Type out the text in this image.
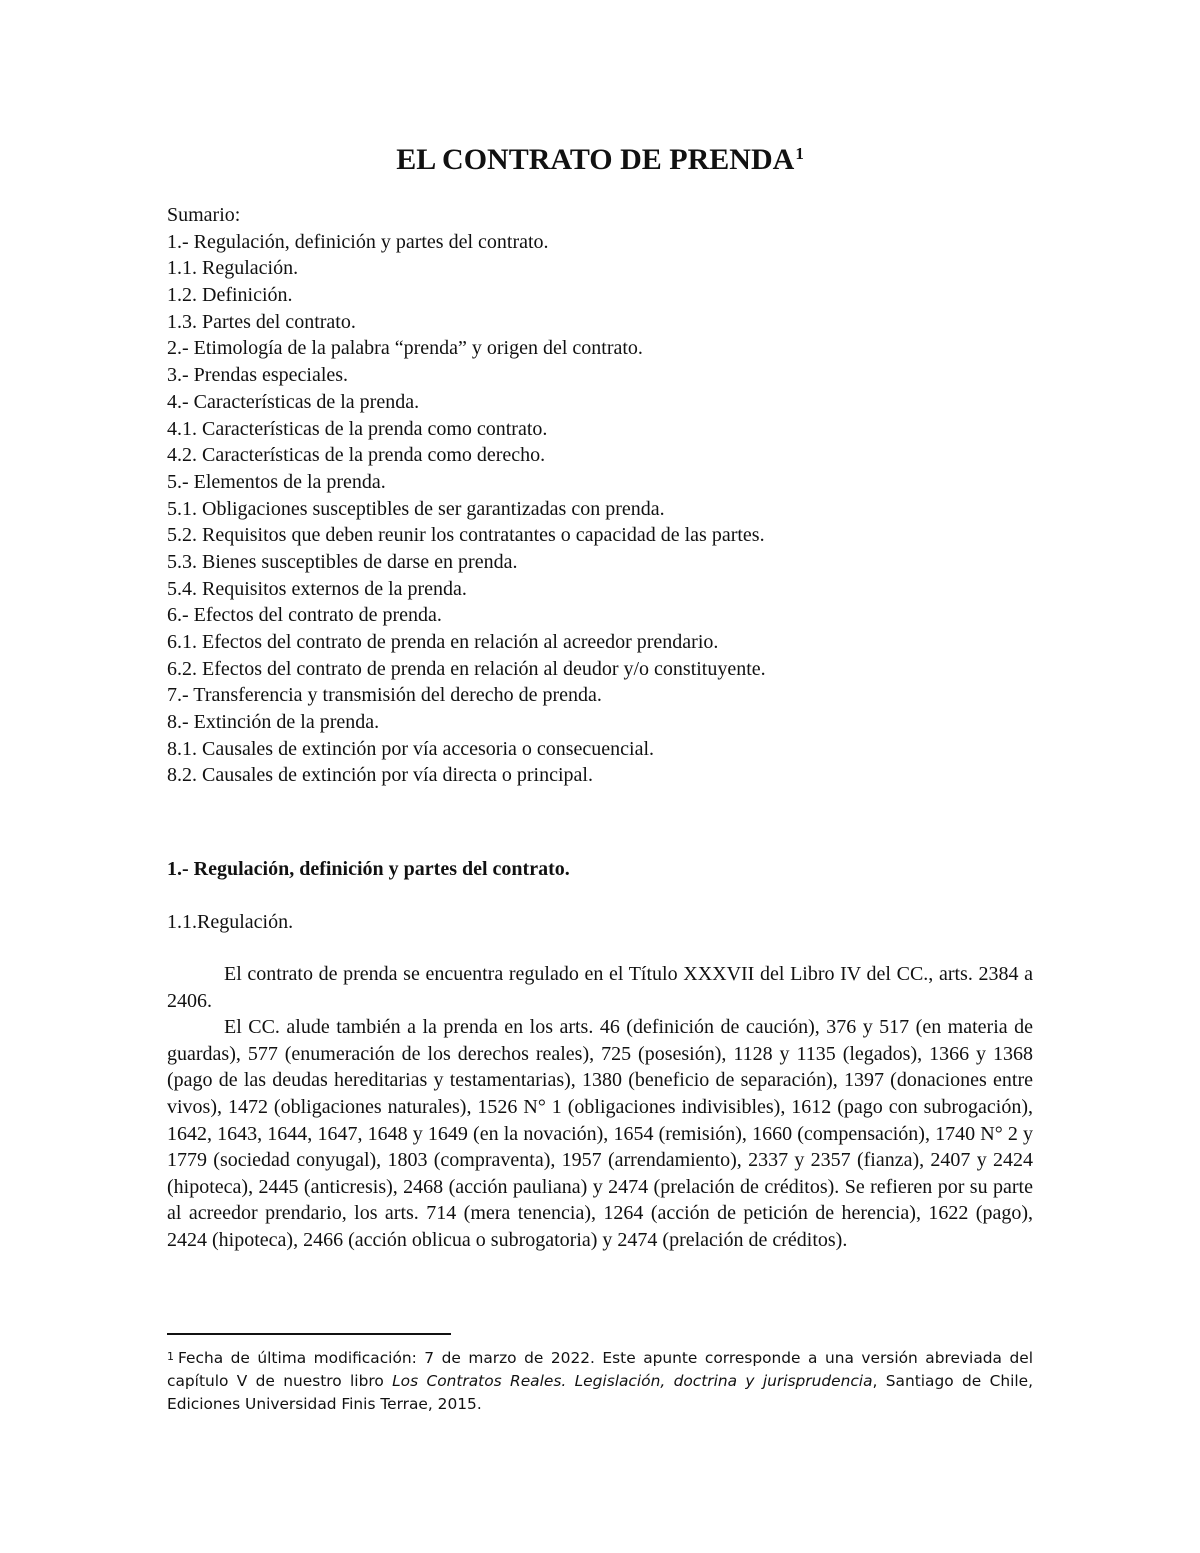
EL CONTRATO DE PRENDA$^1$
Sumario:
1.- Regulación, definición y partes del contrato.
1.1. Regulación.
1.2. Definición.
1.3. Partes del contrato.
2.- Etimología de la palabra “prenda” y origen del contrato.
3.- Prendas especiales.
4.- Características de la prenda.
4.1. Características de la prenda como contrato.
4.2. Características de la prenda como derecho.
5.- Elementos de la prenda.
5.1. Obligaciones susceptibles de ser garantizadas con prenda.
5.2. Requisitos que deben reunir los contratantes o capacidad de las partes.
5.3. Bienes susceptibles de darse en prenda.
5.4. Requisitos externos de la prenda.
6.- Efectos del contrato de prenda.
6.1. Efectos del contrato de prenda en relación al acreedor prendario.
6.2. Efectos del contrato de prenda en relación al deudor y/o constituyente.
7.- Transferencia y transmisión del derecho de prenda.
8.- Extinción de la prenda.
8.1. Causales de extinción por vía accesoria o consecuencial.
8.2. Causales de extinción por vía directa o principal.
1.- Regulación, definición y partes del contrato.
1.1.Regulación.

El contrato de prenda se encuentra regulado en el Título XXXVII del Libro IV del CC., arts. 2384 a 2406.

El CC. alude también a la prenda en los arts. 46 (definición de caución), 376 y 517 (en materia de guardas), 577 (enumeración de los derechos reales), 725 (posesión), 1128 y 1135 (legados), 1366 y 1368 (pago de las deudas hereditarias y testamentarias), 1380 (beneficio de separación), 1397 (donaciones entre vivos), 1472 (obligaciones naturales), 1526 N° 1 (obligaciones indivisibles), 1612 (pago con subrogación), 1642, 1643, 1644, 1647, 1648 y 1649 (en la novación), 1654 (remisión), 1660 (compensación), 1740 N° 2 y 1779 (sociedad conyugal), 1803 (compraventa), 1957 (arrendamiento), 2337 y 2357 (fianza), 2407 y 2424 (hipoteca), 2445 (anticresis), 2468 (acción pauliana) y 2474 (prelación de créditos). Se refieren por su parte al acreedor prendario, los arts. 714 (mera tenencia), 1264 (acción de petición de herencia), 1622 (pago), 2424 (hipoteca), 2466 (acción oblicua o subrogatoria) y 2474 (prelación de créditos).

$^1$ Fecha de última modificación: 7 de marzo de 2022. Este apunte corresponde a una versión abreviada del capítulo V de nuestro libro Los Contratos Reales. Legislación, doctrina y jurisprudencia, Santiago de Chile, Ediciones Universidad Finis Terrae, 2015.
